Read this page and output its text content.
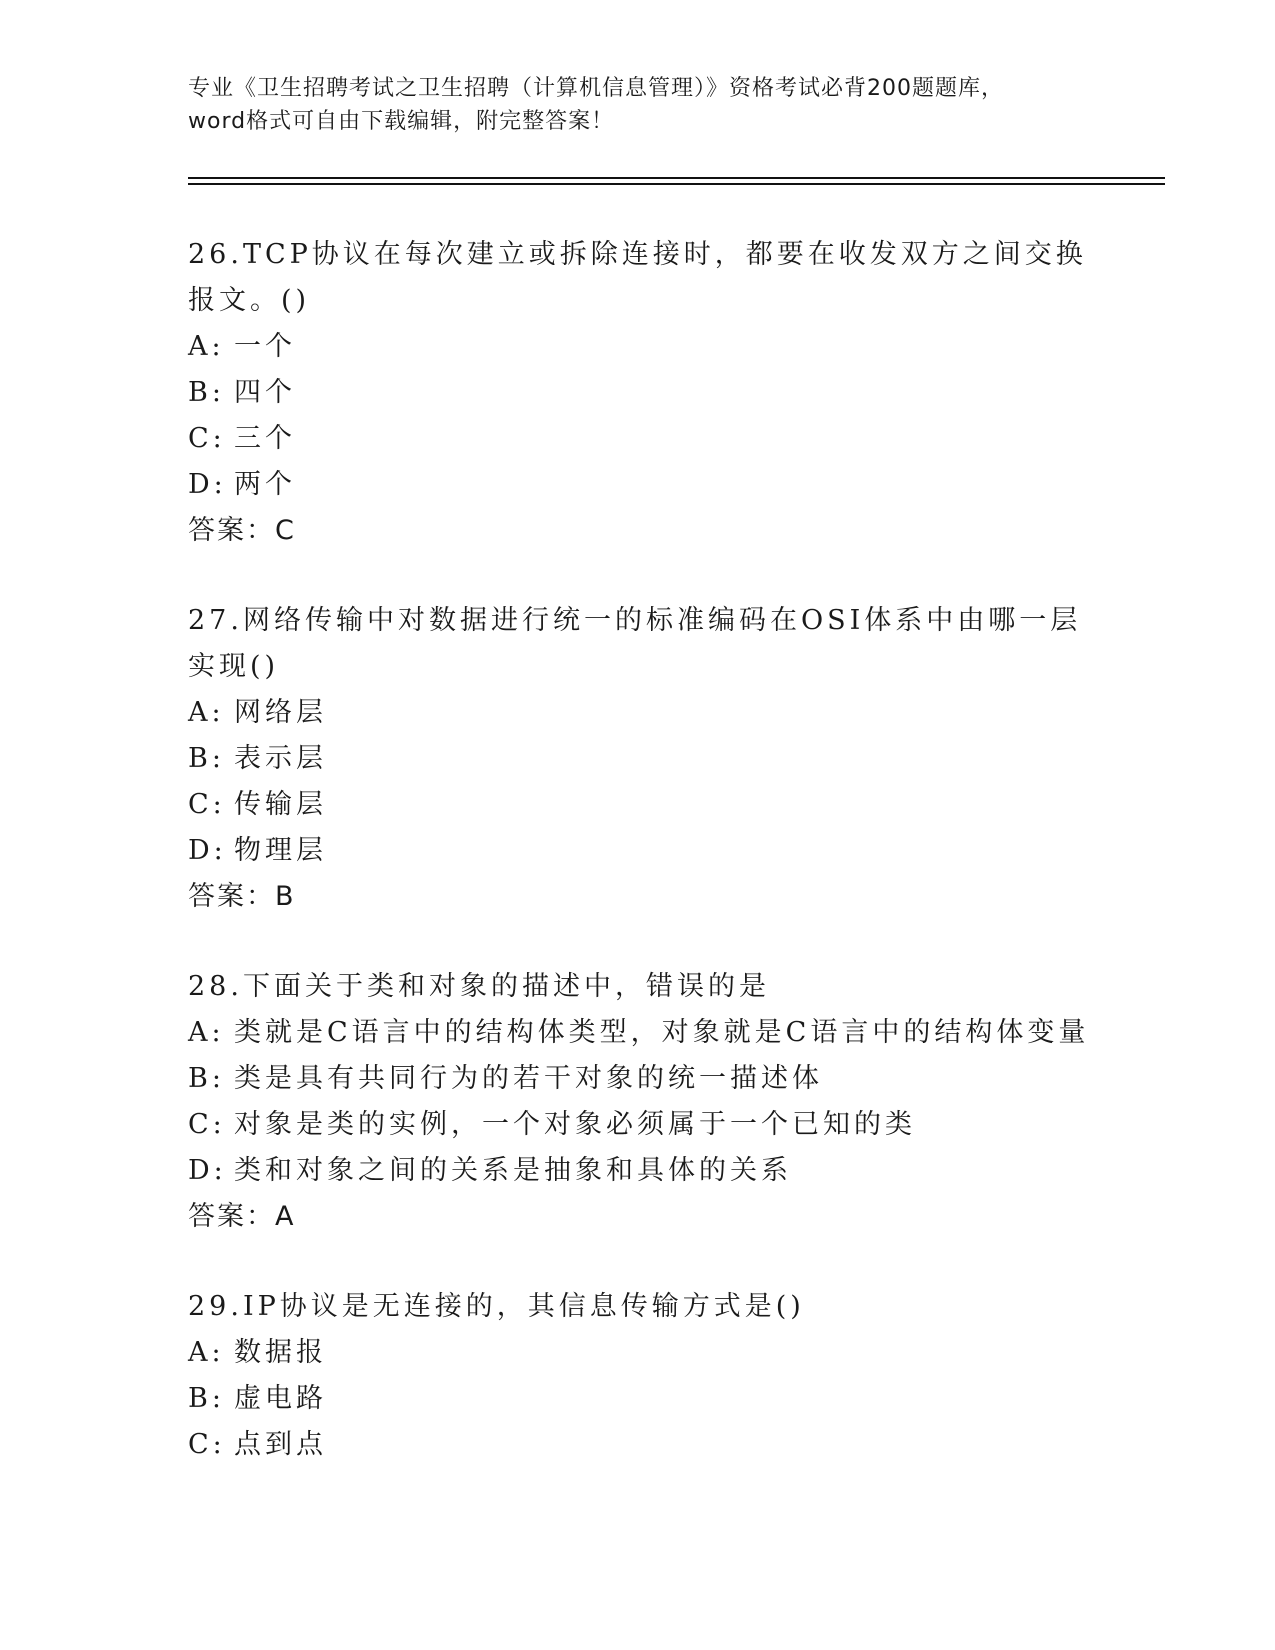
专业《卫生招聘考试之卫生招聘（计算机信息管理）》资格考试必背200题题库，
word格式可自由下载编辑，附完整答案！
26.TCP协议在每次建立或拆除连接时，都要在收发双方之间交换报文。()
A: 一个
B: 四个
C: 三个
D: 两个
答案：C
27.网络传输中对数据进行统一的标准编码在OSI体系中由哪一层实现()
A: 网络层
B: 表示层
C: 传输层
D: 物理层
答案：B
28.下面关于类和对象的描述中，错误的是
A: 类就是C语言中的结构体类型，对象就是C语言中的结构体变量
B: 类是具有共同行为的若干对象的统一描述体
C: 对象是类的实例，一个对象必须属于一个已知的类
D: 类和对象之间的关系是抽象和具体的关系
答案：A
29.IP协议是无连接的，其信息传输方式是()
A: 数据报
B: 虚电路
C: 点到点
